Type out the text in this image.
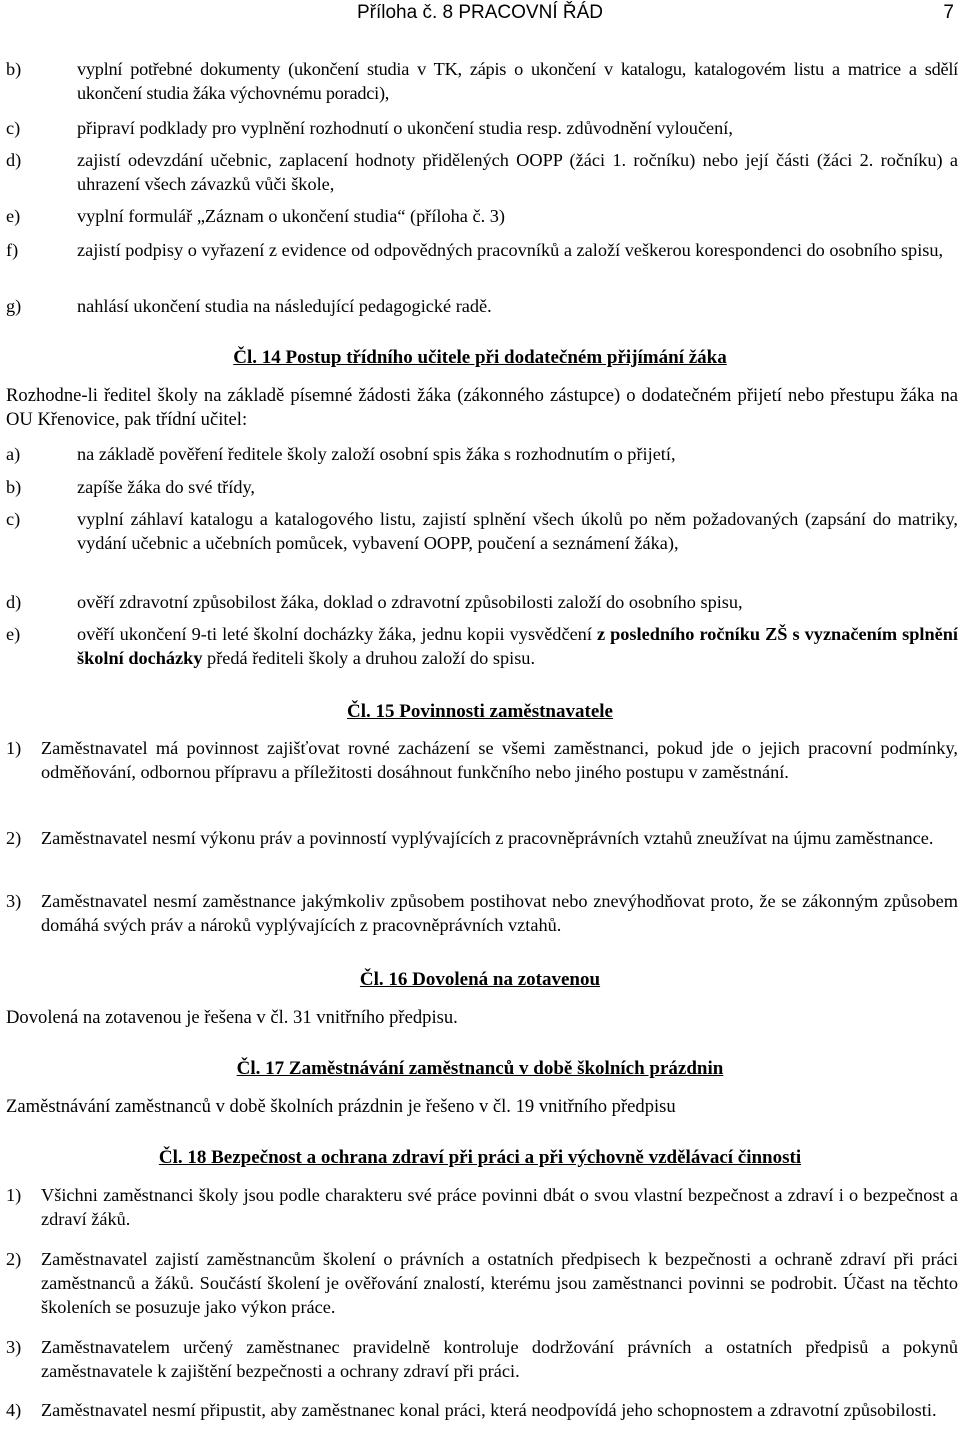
Příloha č. 8 PRACOVNÍ ŘÁD	7
b)	vyplní potřebné dokumenty (ukončení studia v TK, zápis o ukončení v katalogu, katalogovém listu a matrice a sdělí ukončení studia žáka výchovnému poradci),
c)	připraví podklady pro vyplnění rozhodnutí o ukončení studia resp. zdůvodnění vyloučení,
d)	zajistí odevzdání učebnic, zaplacení hodnoty přidělených OOPP (žáci 1. ročníku) nebo její části (žáci 2. ročníku) a uhrazení všech závazků vůči škole,
e)	vyplní formulář „Záznam o ukončení studia“ (příloha č. 3)
f)	zajistí podpisy o vyřazení z evidence od odpovědných pracovníků a založí veškerou korespondenci do osobního spisu,
g)	nahlásí ukončení studia na následující pedagogické radě.
Čl. 14 Postup třídního učitele při dodatečném přijímání žáka
Rozhodne-li ředitel školy na základě písemné žádosti žáka (zákonného zástupce) o dodatečném přijetí nebo přestupu žáka na OU Křenovice, pak třídní učitel:
a)	na základě pověření ředitele školy založí osobní spis žáka s rozhodnutím o přijetí,
b)	zapíše žáka do své třídy,
c)	vyplní záhlaví katalogu a katalogového listu, zajistí splnění všech úkolů po něm požadovaných (zapsání do matriky, vydání učebnic a učebních pomůcek, vybavení OOPP, poučení a seznámení žáka),
d)	ověří zdravotní způsobilost žáka, doklad o zdravotní způsobilosti založí do osobního spisu,
e)	ověří ukončení 9-ti leté školní docházky žáka, jednu kopii vysvědčení z posledního ročníku ZŠ s vyznačením splnění školní docházky předá řediteli školy a druhou založí do spisu.
Čl. 15 Povinnosti zaměstnavatele
1)	Zaměstnavatel má povinnost zajišťovat rovné zacházení se všemi zaměstnanci, pokud jde o jejich pracovní podmínky, odměňování, odbornou přípravu a příležitosti dosáhnout funkčního nebo jiného postupu v zaměstnání.
2)	Zaměstnavatel nesmí výkonu práv a povinností vyplývajících z pracovněprávních vztahů zneužívat na újmu zaměstnance.
3)	Zaměstnavatel nesmí zaměstnance jakýmkoliv způsobem postihovat nebo znevýhodňovat proto, že se zákonným způsobem domáhá svých práv a nároků vyplývajících z pracovněprávních vztahů.
Čl. 16 Dovolená na zotavenou
Dovolená na zotavenou je řešena v čl. 31 vnitřního předpisu.
Čl. 17 Zaměstnávání zaměstnanců v době školních prázdnin
Zaměstnávání zaměstnanců v době školních prázdnin je řešeno v čl. 19 vnitřního předpisu
Čl. 18 Bezpečnost a ochrana zdraví při práci a při výchovně vzdělávací činnosti
1)	Všichni zaměstnanci školy jsou podle charakteru své práce povinni dbát o svou vlastní bezpečnost a zdraví i o bezpečnost a zdraví žáků.
2)	Zaměstnavatel zajistí zaměstnancům školení o právních a ostatních předpisech k bezpečnosti a ochraně zdraví při práci zaměstnanců a žáků. Součástí školení je ověřování znalostí, kterému jsou zaměstnanci povinni se podrobit. Účast na těchto školeních se posuzuje jako výkon práce.
3)	Zaměstnavatelem určený zaměstnanec pravidelně kontroluje dodržování právních a ostatních předpisů a pokynů zaměstnavatele k zajištění bezpečnosti a ochrany zdraví při práci.
4)	Zaměstnavatel nesmí připustit, aby zaměstnanec konal práci, která neodpovídá jeho schopnostem a zdravotní způsobilosti.
